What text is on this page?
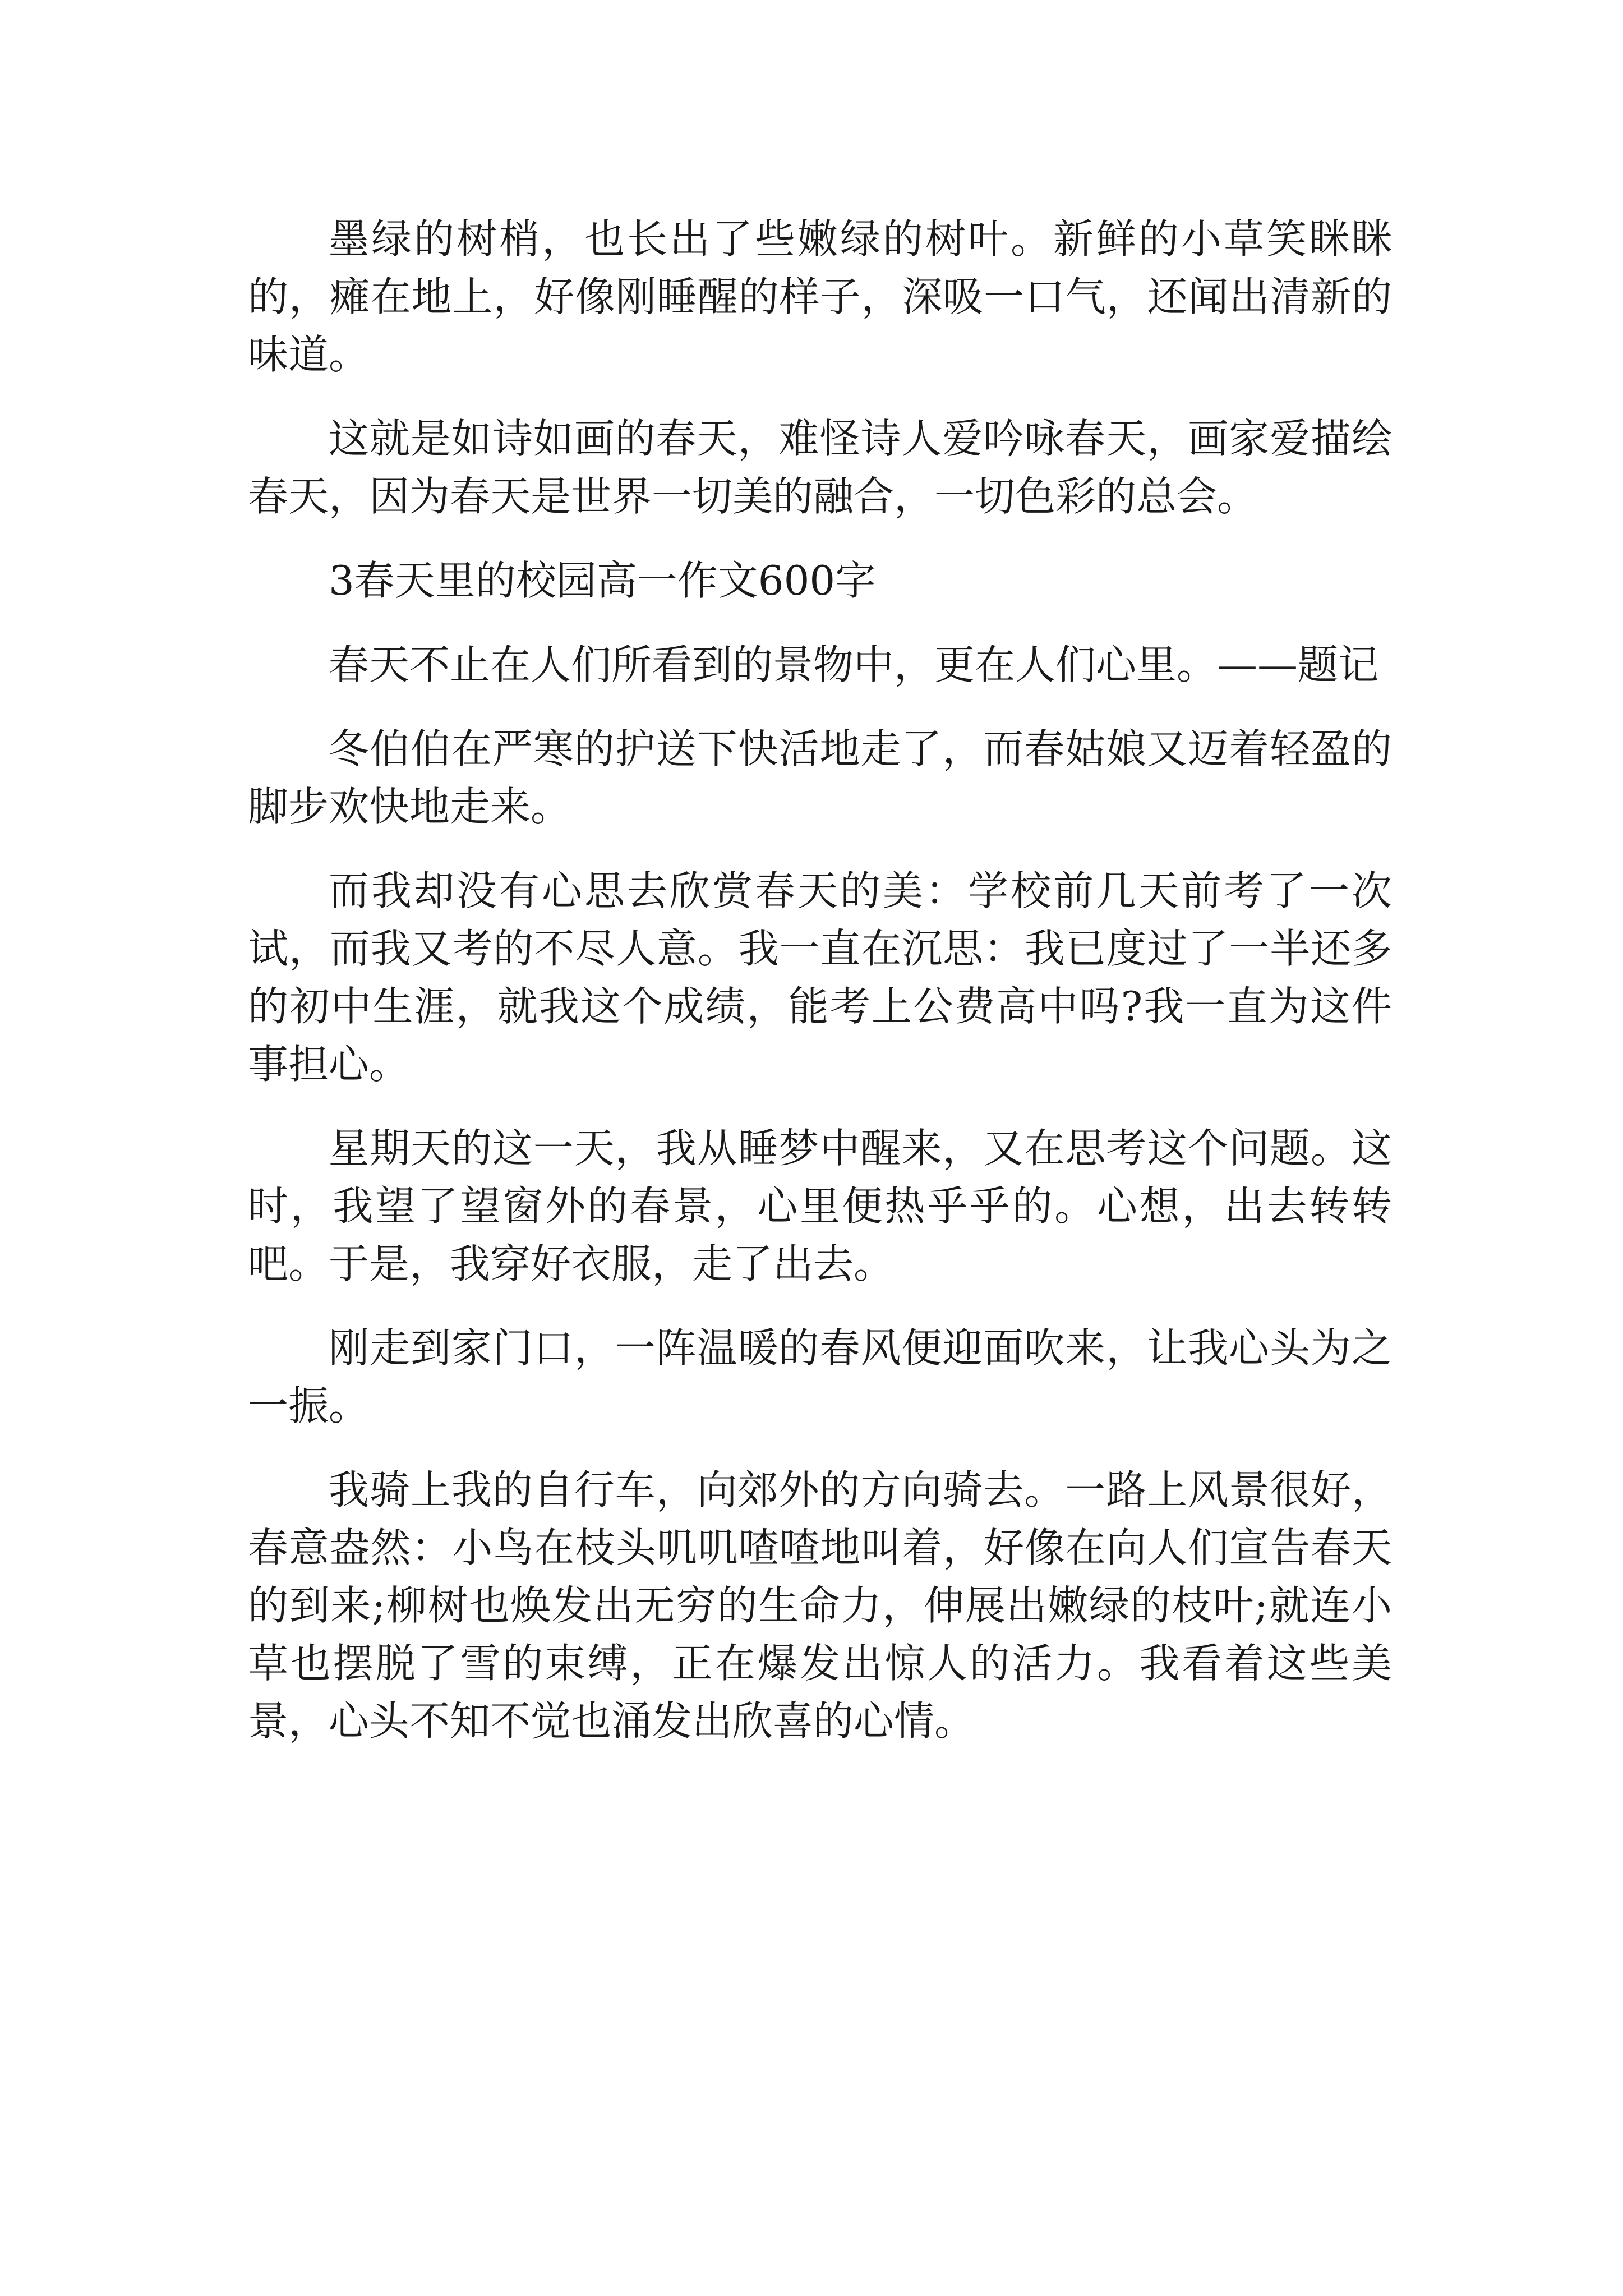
墨绿的树梢，也长出了些嫩绿的树叶。新鲜的小草笑眯眯的，瘫在地上，好像刚睡醒的样子，深吸一口气，还闻出清新的味道。

这就是如诗如画的春天，难怪诗人爱吟咏春天，画家爱描绘春天，因为春天是世界一切美的融合，一切色彩的总会。

3春天里的校园高一作文600字

春天不止在人们所看到的景物中，更在人们心里。——题记

冬伯伯在严寒的护送下快活地走了，而春姑娘又迈着轻盈的脚步欢快地走来。

而我却没有心思去欣赏春天的美：学校前几天前考了一次试，而我又考的不尽人意。我一直在沉思：我已度过了一半还多的初中生涯，就我这个成绩，能考上公费高中吗?我一直为这件事担心。

星期天的这一天，我从睡梦中醒来，又在思考这个问题。这时，我望了望窗外的春景，心里便热乎乎的。心想，出去转转吧。于是，我穿好衣服，走了出去。

刚走到家门口，一阵温暖的春风便迎面吹来，让我心头为之一振。

我骑上我的自行车，向郊外的方向骑去。一路上风景很好，春意盎然：小鸟在枝头叽叽喳喳地叫着，好像在向人们宣告春天的到来;柳树也焕发出无穷的生命力，伸展出嫩绿的枝叶;就连小草也摆脱了雪的束缚，正在爆发出惊人的活力。我看着这些美景，心头不知不觉也涌发出欣喜的心情。
